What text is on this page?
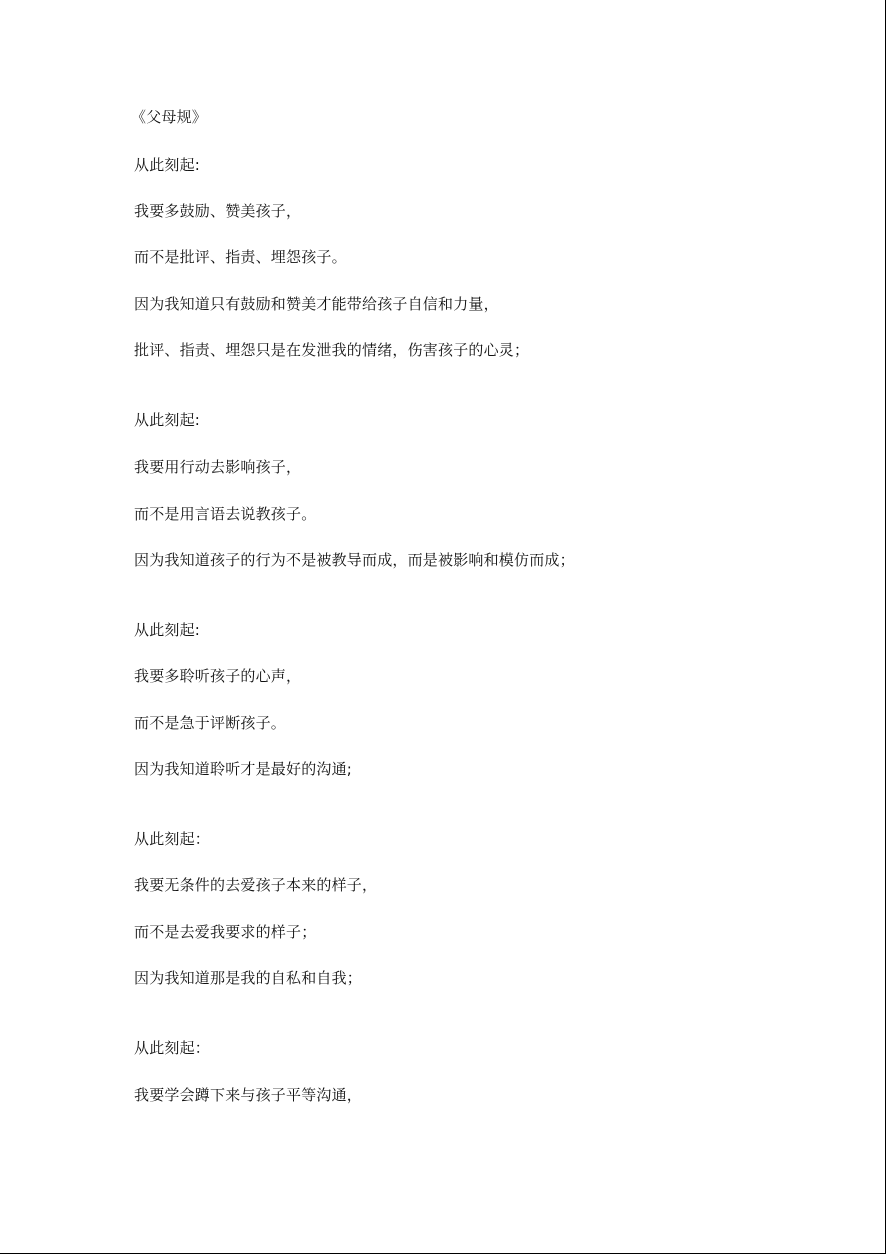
《父母规》
从此刻起:
我要多鼓励、赞美孩子，
而不是批评、指责、埋怨孩子。
因为我知道只有鼓励和赞美才能带给孩子自信和力量，
批评、指责、埋怨只是在发泄我的情绪，伤害孩子的心灵；
从此刻起:
我要用行动去影响孩子，
而不是用言语去说教孩子。
因为我知道孩子的行为不是被教导而成，而是被影响和模仿而成；
从此刻起:
我要多聆听孩子的心声，
而不是急于评断孩子。
因为我知道聆听才是最好的沟通;
从此刻起：
我要无条件的去爱孩子本来的样子，
而不是去爱我要求的样子；
因为我知道那是我的自私和自我；
从此刻起：
我要学会蹲下来与孩子平等沟通，
